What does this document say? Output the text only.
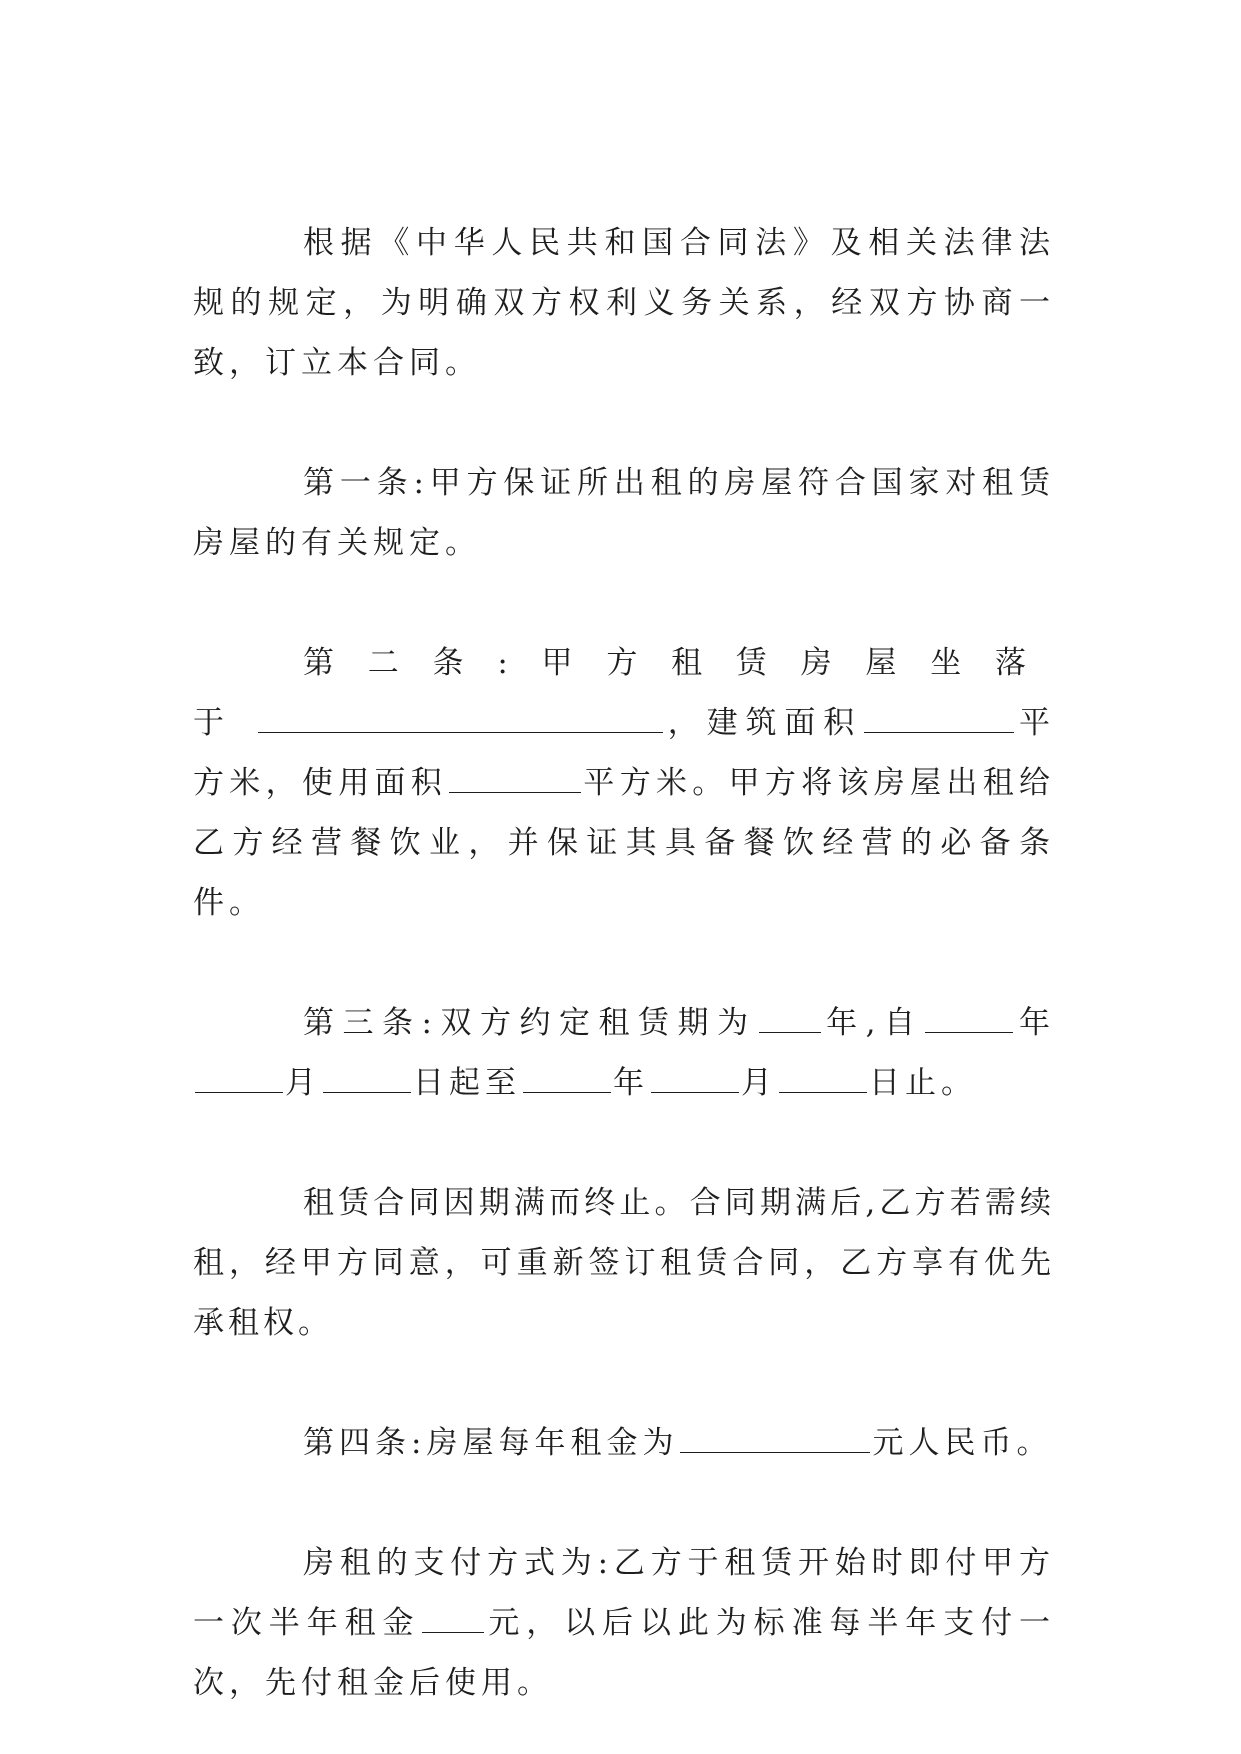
根据《中华人民共和国合同法》及相关法律法规的规定，为明确双方权利义务关系，经双方协商一致，订立本合同。

第一条:甲方保证所出租的房屋符合国家对租赁房屋的有关规定。

第二条:甲方租赁房屋坐落于	，建筑面积	平方米，使用面积	平方米。甲方将该房屋出租给乙方经营餐饮业，并保证其具备餐饮经营的必备条件。

第三条:双方约定租赁期为 年,自	年月	日起至	年	月	日止。

租赁合同因期满而终止。合同期满后,乙方若需续租，经甲方同意，可重新签订租赁合同，乙方享有优先承租权。

第四条:房屋每年租金为	元人民币。

房租的支付方式为:乙方于租赁开始时即付甲方一次半年租金 元，以后以此为标准每半年支付一次，先付租金后使用。
